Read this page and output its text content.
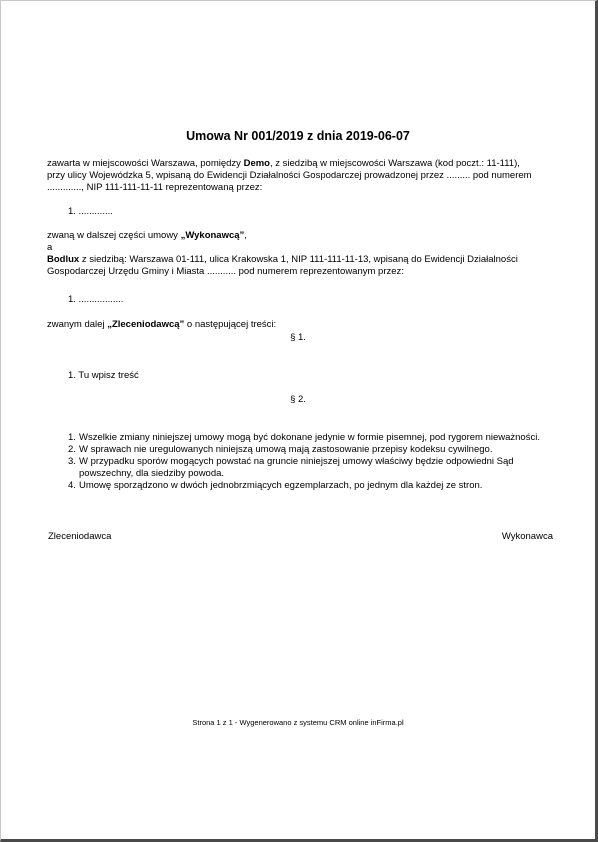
Umowa Nr 001/2019 z dnia 2019-06-07
zawarta w miejscowości Warszawa, pomiędzy Demo, z siedzibą w miejscowości Warszawa (kod poczt.: 11-111),
przy ulicy Wojewódzka 5, wpisaną do Ewidencji Działalności Gospodarczej prowadzonej przez ......... pod numerem
............., NIP 111-111-11-11 reprezentowaną przez:
1. .............
zwaną w dalszej części umowy „Wykonawcą”,
a
Bodlux z siedzibą: Warszawa 01-111, ulica Krakowska 1, NIP 111-111-11-13, wpisaną do Ewidencji Działalności
Gospodarczej Urzędu Gminy i Miasta ........... pod numerem reprezentowanym przez:
1. .................
zwanym dalej „Zleceniodawcą” o następującej treści:
§ 1.
1. Tu wpisz treść
§ 2.
1. Wszelkie zmiany niniejszej umowy mogą być dokonane jedynie w formie pisemnej, pod rygorem nieważności.
2. W sprawach nie uregulowanych niniejszą umową mają zastosowanie przepisy kodeksu cywilnego.
3. W przypadku sporów mogących powstać na gruncie niniejszej umowy właściwy będzie odpowiedni Sąd
powszechny, dla siedziby powoda.
4. Umowę sporządzono w dwóch jednobrzmiących egzemplarzach, po jednym dla każdej ze stron.
Zleceniodawca	Wykonawca
Strona 1 z 1 - Wygenerowano z systemu CRM online inFirma.pl
